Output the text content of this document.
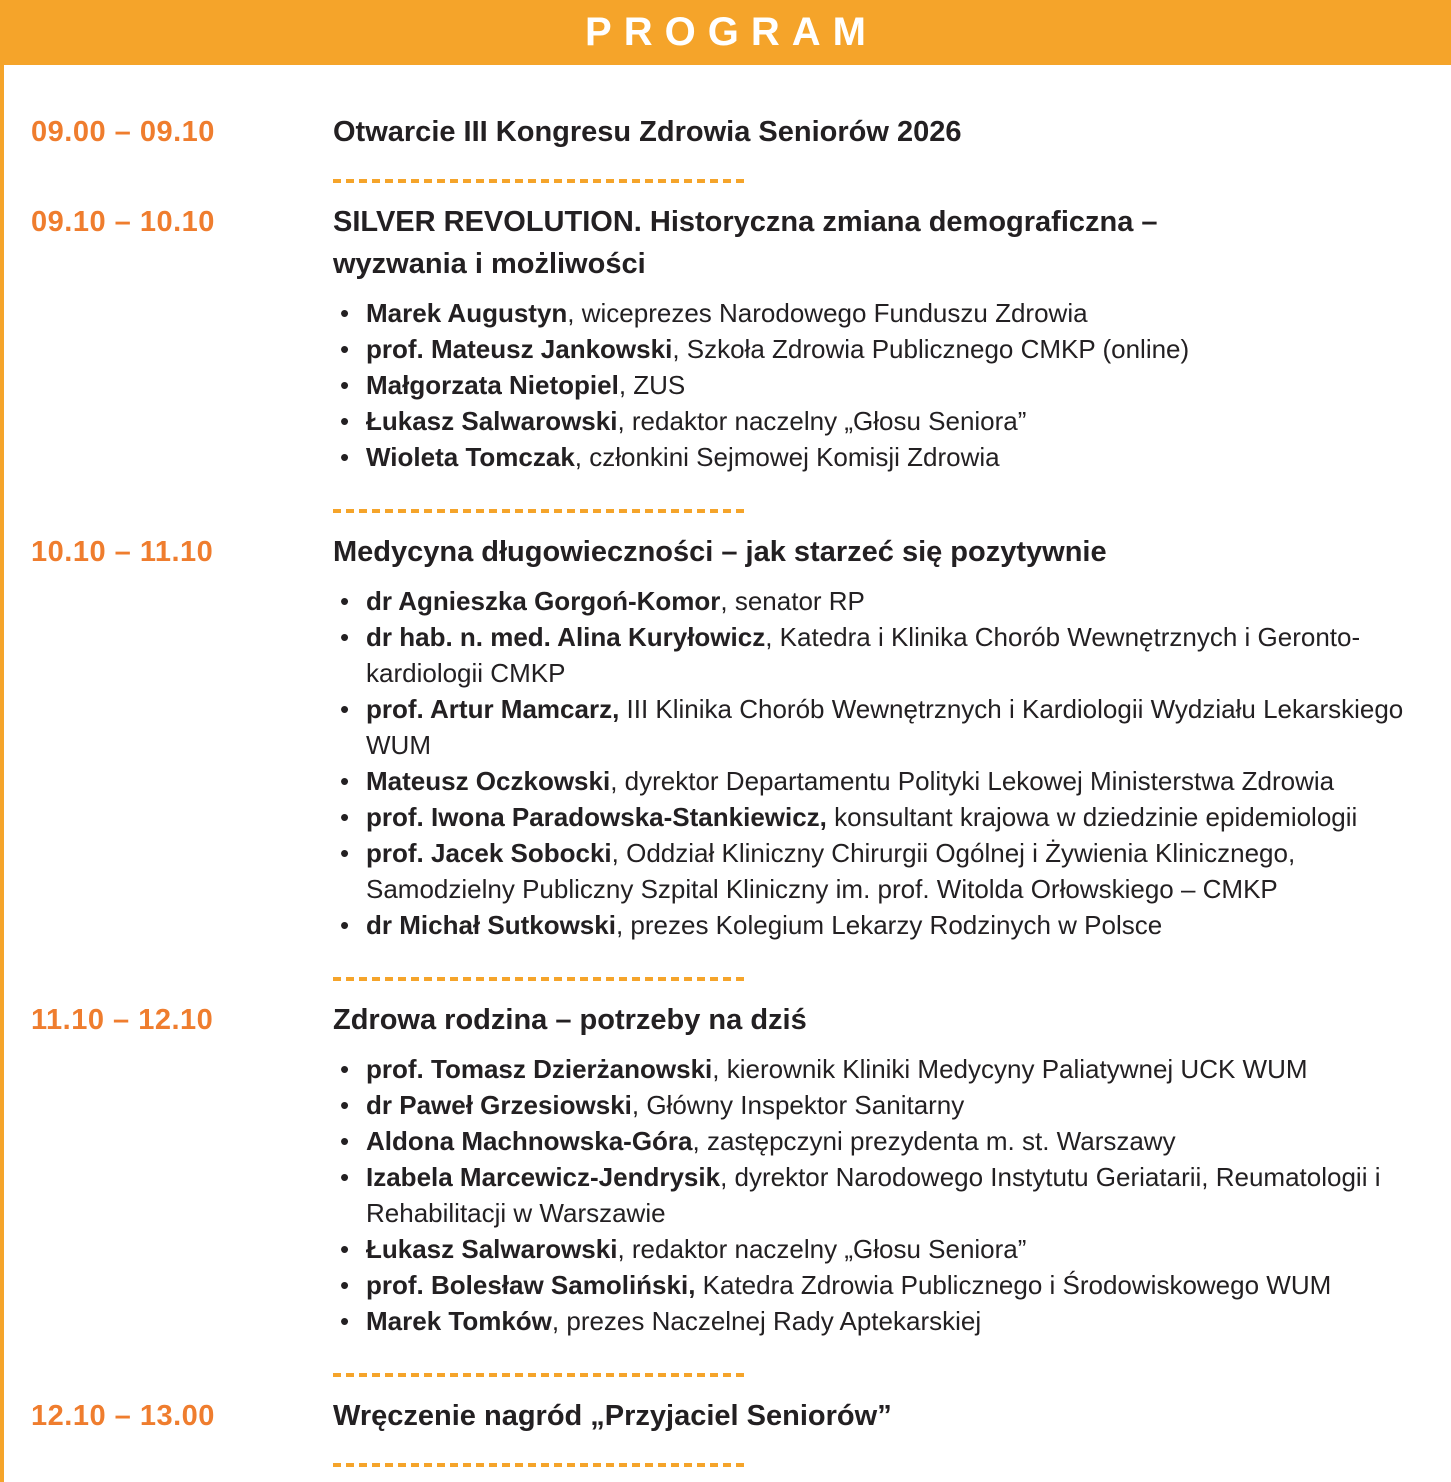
PROGRAM
09.00 – 09.10	Otwarcie III Kongresu Zdrowia Seniorów 2026
09.10 – 10.10	SILVER REVOLUTION. Historyczna zmiana demograficzna – wyzwania i możliwości
• Marek Augustyn, wiceprezes Narodowego Funduszu Zdrowia
• prof. Mateusz Jankowski, Szkoła Zdrowia Publicznego CMKP (online)
• Małgorzata Nietopiel, ZUS
• Łukasz Salwarowski, redaktor naczelny „Głosu Seniora”
• Wioleta Tomczak, członkini Sejmowej Komisji Zdrowia
10.10 – 11.10	Medycyna długowieczności – jak starzeć się pozytywnie
• dr Agnieszka Gorgoń-Komor, senator RP
• dr hab. n. med. Alina Kuryłowicz, Katedra i Klinika Chorób Wewnętrznych i Geronto-kardiologii CMKP
• prof. Artur Mamcarz, III Klinika Chorób Wewnętrznych i Kardiologii Wydziału Lekarskiego WUM
• Mateusz Oczkowski, dyrektor Departamentu Polityki Lekowej Ministerstwa Zdrowia
• prof. Iwona Paradowska-Stankiewicz, konsultant krajowa w dziedzinie epidemiologii
• prof. Jacek Sobocki, Oddział Kliniczny Chirurgii Ogólnej i Żywienia Klinicznego, Samodzielny Publiczny Szpital Kliniczny im. prof. Witolda Orłowskiego – CMKP
• dr Michał Sutkowski, prezes Kolegium Lekarzy Rodzinych w Polsce
11.10 – 12.10	Zdrowa rodzina – potrzeby na dziś
• prof. Tomasz Dzierżanowski, kierownik Kliniki Medycyny Paliatywnej UCK WUM
• dr Paweł Grzesiowski, Główny Inspektor Sanitarny
• Aldona Machnowska-Góra, zastępczyni prezydenta m. st. Warszawy
• Izabela Marcewicz-Jendrysik, dyrektor Narodowego Instytutu Geriatarii, Reumatologii i Rehabilitacji w Warszawie
• Łukasz Salwarowski, redaktor naczelny „Głosu Seniora”
• prof. Bolesław Samoliński, Katedra Zdrowia Publicznego i Środowiskowego WUM
• Marek Tomków, prezes Naczelnej Rady Aptekarskiej
12.10 – 13.00	Wręczenie nagród „Przyjaciel Seniorów”
